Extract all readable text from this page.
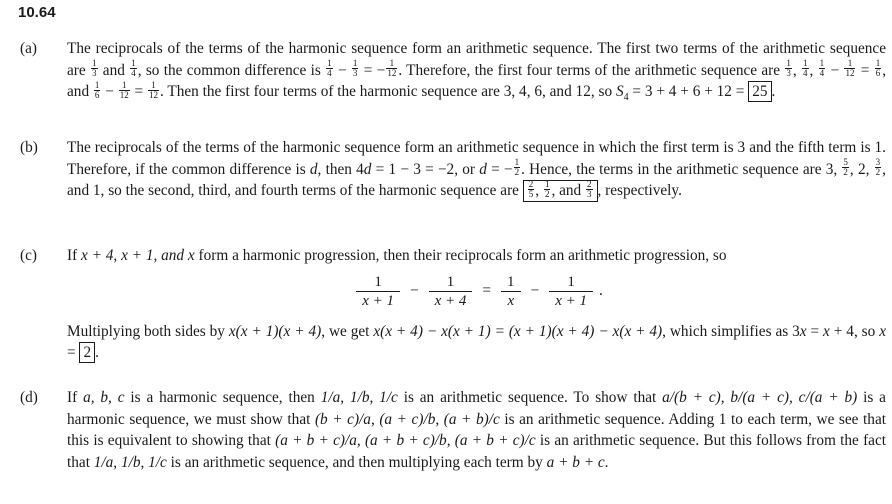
10.64
(a) The reciprocals of the terms of the harmonic sequence form an arithmetic sequence. The first two terms of the arithmetic sequence are $\frac{1}{3}$ and $\frac{1}{4}$ , so the common difference is $\frac{1}{4} - \frac{1}{3}$ = − $\frac{1}{12}$ . Therefore, the first four terms of the arithmetic sequence are $\frac{1}{3}$ , $\frac{1}{4}$ , $\frac{1}{4} - \frac{1}{12} = \frac{1}{6}$ , and $\frac{1}{6} - \frac{1}{12} = \frac{1}{12}$ . Then the first four terms of the harmonic sequence are 3, 4, 6, and 12, so $S_4 = 3 + 4 + 6 + 12 = 25$ .
(b) The reciprocals of the terms of the harmonic sequence form an arithmetic sequence in which the first term is 3 and the fifth term is 1. Therefore, if the common difference is d, then 4d = 1 − 3 = −2, or d = − $\frac{1}{2}$ . Hence, the terms in the arithmetic sequence are 3, $\frac{5}{2}$ , 2, $\frac{3}{2}$ , and 1, so the second, third, and fourth terms of the harmonic sequence are $\frac{2}{5}$ , $\frac{1}{2}$ , and $\frac{2}{3}$ , respectively.
(c) If x + 4, x + 1, and x form a harmonic progression, then their reciprocals form an arithmetic progression, so

$\frac{1}{x + 1} - \frac{1}{x + 4} = \frac{1}{x} - \frac{1}{x + 1}$ .

Multiplying both sides by x(x + 1)(x + 4), we get x(x + 4) − x(x + 1) = (x + 1)(x + 4) − x(x + 4), which simplifies as 3x = x + 4, so x = 2 .

(d) If a, b, c is a harmonic sequence, then 1/a, 1/b, 1/c is an arithmetic sequence. To show that a/(b + c), b/(a + c), c/(a + b) is a harmonic sequence, we must show that (b + c)/a, (a + c)/b, (a + b)/c is an arithmetic sequence. Adding 1 to each term, we see that this is equivalent to showing that (a + b + c)/a, (a + b + c)/b, (a + b + c)/c is an arithmetic sequence. But this follows from the fact that 1/a, 1/b, 1/c is an arithmetic sequence, and then multiplying each term by a + b + c.
